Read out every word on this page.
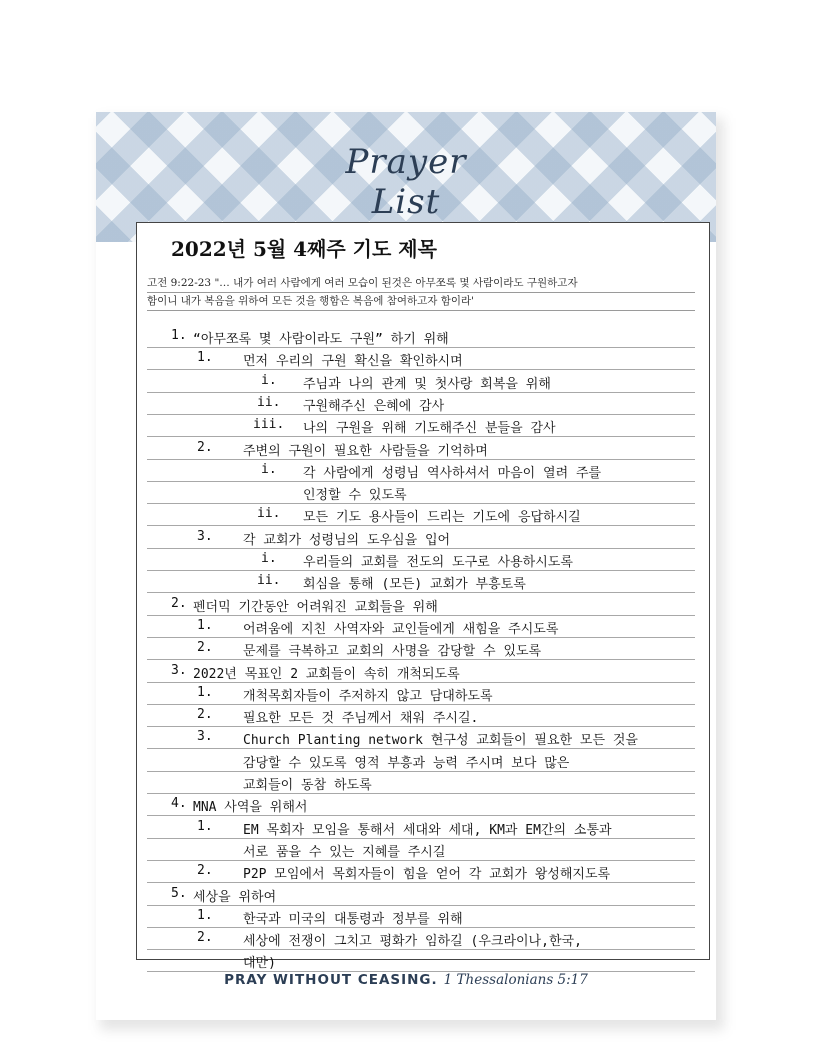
Prayer List
2022년 5월 4째주 기도 제목
고전 9:22-23 "… 내가 여러 사람에게 여러 모습이 된것은 아무쪼록 몇 사람이라도 구원하고자
함이니 내가 복음을 위하여 모든 것을 행함은 복음에 참여하고자 함이라'
1. “아무쪼록 몇 사람이라도 구원” 하기 위해
1. 먼저 우리의 구원 확신을 확인하시며
i. 주님과 나의 관계 및 첫사랑 회복을 위해
ii. 구원해주신 은혜에 감사
iii. 나의 구원을 위해 기도해주신 분들을 감사
2. 주변의 구원이 필요한 사람들을 기억하며
i. 각 사람에게 성령님 역사하셔서 마음이 열려 주를
인정할 수 있도록
ii. 모든 기도 용사들이 드리는 기도에 응답하시길
3. 각 교회가 성령님의 도우심을 입어
i. 우리들의 교회를 전도의 도구로 사용하시도록
ii. 회심을 통해 (모든) 교회가 부흥토록
2. 펜더믹 기간동안 어려워진 교회들을 위해
1. 어려움에 지친 사역자와 교인들에게 새힘을 주시도록
2. 문제를 극복하고 교회의 사명을 감당할 수 있도록
3. 2022년 목표인 2 교회들이 속히 개척되도록
1. 개척목회자들이 주저하지 않고 담대하도록
2. 필요한 모든 것 주님께서 채워 주시길.
3. Church Planting network 현구성 교회들이 필요한 모든 것을
감당할 수 있도록 영적 부흥과 능력 주시며 보다 많은
교회들이 동참 하도록
4. MNA 사역을 위해서
1. EM 목회자 모임을 통해서 세대와 세대, KM과 EM간의 소통과
서로 품을 수 있는 지혜를 주시길
2. P2P 모임에서 목회자들이 힘을 얻어 각 교회가 왕성해지도록
5. 세상을 위하여
1. 한국과 미국의 대통령과 정부를 위해
2. 세상에 전쟁이 그치고 평화가 임하길 (우크라이나,한국,
대만)
PRAY WITHOUT CEASING. 1 Thessalonians 5:17
